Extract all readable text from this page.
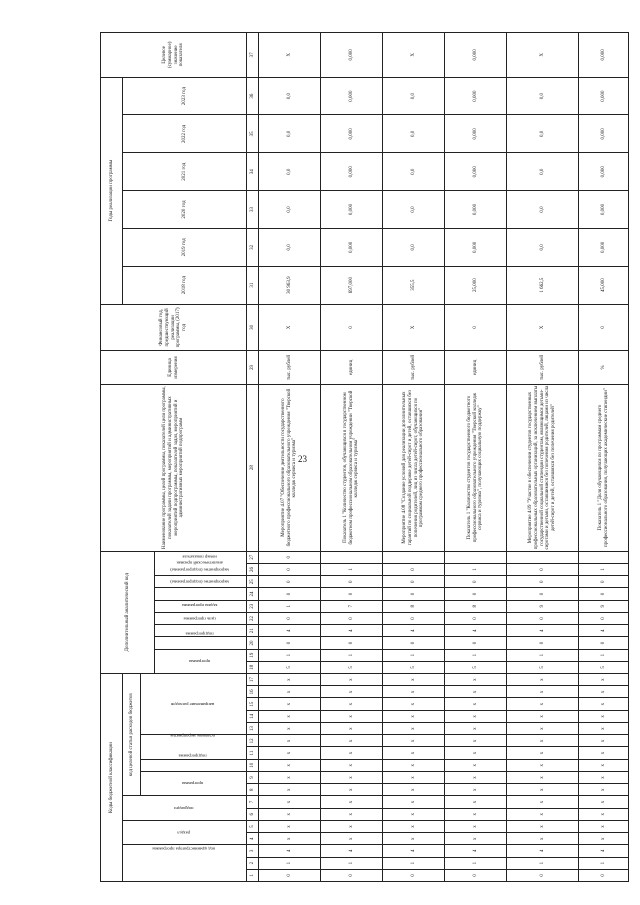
23
Коды бюджетной классификации																	Дополнительный аналитический код										Наименование программы, целей программы, показателей цели программы, показателей задачи программы, мероприятий и административных мероприятий подпрограммы, показателей задач, мероприятий и административных мероприятий подпрограмм	Единица измерения	Финансовый год, предшествующий реализации программы, (2017) год	Годы реализации программы						Целевое (суммарное) значение показателя
код администратора программы			раздел		подраздел		код целевой статьи расходов бюджетов																							2018 год	2019 год	2020 год	2021 год	2022 год	2023 год	
							программа		подпрограмма	основное мероприятие		направление расходов																								
																	программа		подпрограмма	цель программы	задача программы	мероприятие (подпрограммы)	мероприятие (подпрограммы)	аналитический признак	номер показателя											
1	2	3	4	5	6	7	8	9	10	11	12	13	14	15	16	17	18	19	20	21	22	23	24	25	26	27	28	29	30	31	32	33	34	35	36	37
0	1	4	х	х	х	х	х	х	х	х	х	х	х	х	х	х	5	1	0	4	0	1	0	0	0	0	Мероприятие 4.07 "Обеспечение деятельности государственного бюджетного профессионального образовательного учреждения "Тверской колледж сервиса и туризма"	тыс. рублей	Х	30 963,9	0,0	0,0	0,0	0,0	0,0	Х
0	1	4	х	х	х	х	х	х	х	х	х	х	х	х	х	х	5	1	0	4	0	7	0	0	1		Показатель 1 "Количество студентов, обучающихся в государственном бюджетном профессиональном образовательном учреждении "Тверской колледж сервиса и туризма"	единиц	0	697,000	0,000	0,000	0,000	0,000	0,000	0,000
0	1	4	х	х	х	х	х	х	х	х	х	х	х	х	х	х	5	1	0	4	0	8	0	0	0		Мероприятие 4.08 "Создание условий для реализации дополнительных гарантий по социальной поддержке детей-сирот и детей, оставшихся без попечения родителей, лиц из числа детей-сирот, обучающихся по программам среднего профессионального образования"	тыс. рублей	Х	355,5	0,0	0,0	0,0	0,0	0,0	Х
0	1	4	х	х	х	х	х	х	х	х	х	х	х	х	х	х	5	1	0	4	0	8	0	0	1		Показатель 1 "Количество студентов государственного бюджетного профессионального образовательного учреждения "Тверской колледж сервиса и туризма", получающих социальную поддержку"	единиц	0	25,000	0,000	0,000	0,000	0,000	0,000	0,000
0	1	4	х	х	х	х	х	х	х	х	х	х	х	х	х	х	5	1	0	4	0	9	0	0	0		Мероприятие 4.09 "Участие в обеспечении студентов государственных профессиональных образовательных организаций, за исключением выплаты государственной социальной стипендии студентам, являющимся детьми-сиротами и детьми, оставшимися без попечения родителей, лицами из числа детей-сирот и детей, оставшихся без попечения родителей"	тыс. рублей	Х	1 662,5	0,0	0,0	0,0	0,0	0,0	Х
0	1	4	х	х	х	х	х	х	х	х	х	х	х	х	х	х	5	1	0	4	0	9	0	0	1		Показатель 1 "Доля обучающихся по программам среднего профессионального образования, получающих академические стипендии"	%	0	45,000	0,000	0,000	0,000	0,000	0,000	0,000
